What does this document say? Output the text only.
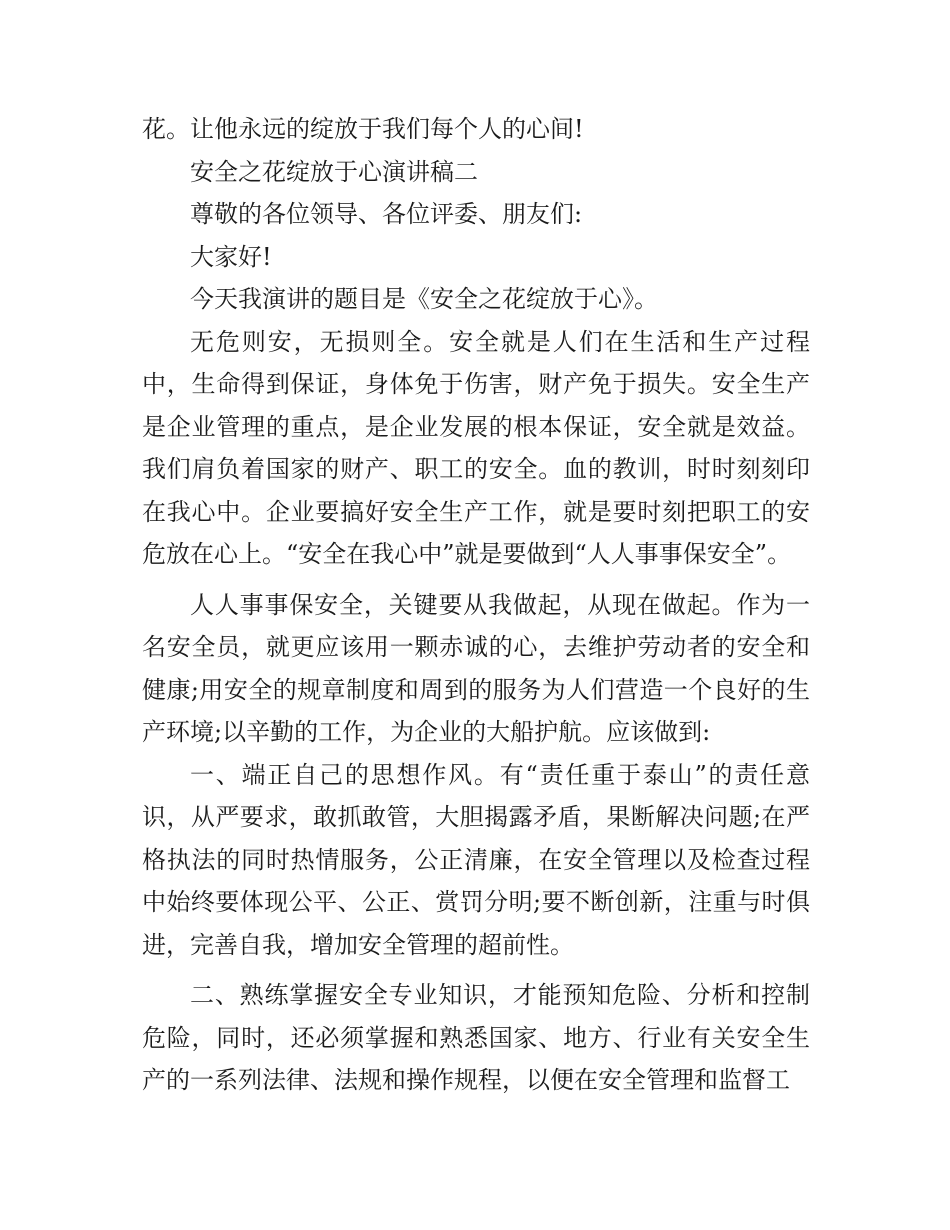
花。让他永远的绽放于我们每个人的心间!

安全之花绽放于心演讲稿二

尊敬的各位领导、各位评委、朋友们:

大家好!

今天我演讲的题目是《安全之花绽放于心》。

无危则安，无损则全。安全就是人们在生活和生产过程中，生命得到保证，身体免于伤害，财产免于损失。安全生产是企业管理的重点，是企业发展的根本保证，安全就是效益。我们肩负着国家的财产、职工的安全。血的教训，时时刻刻印在我心中。企业要搞好安全生产工作，就是要时刻把职工的安危放在心上。“安全在我心中”就是要做到“人人事事保安全”。

人人事事保安全，关键要从我做起，从现在做起。作为一名安全员，就更应该用一颗赤诚的心，去维护劳动者的安全和健康;用安全的规章制度和周到的服务为人们营造一个良好的生产环境;以辛勤的工作，为企业的大船护航。应该做到:

一、端正自己的思想作风。有“责任重于泰山”的责任意识，从严要求，敢抓敢管，大胆揭露矛盾，果断解决问题;在严格执法的同时热情服务，公正清廉，在安全管理以及检查过程中始终要体现公平、公正、赏罚分明;要不断创新，注重与时俱进，完善自我，增加安全管理的超前性。

二、熟练掌握安全专业知识，才能预知危险、分析和控制危险，同时，还必须掌握和熟悉国家、地方、行业有关安全生产的一系列法律、法规和操作规程，以便在安全管理和监督工
